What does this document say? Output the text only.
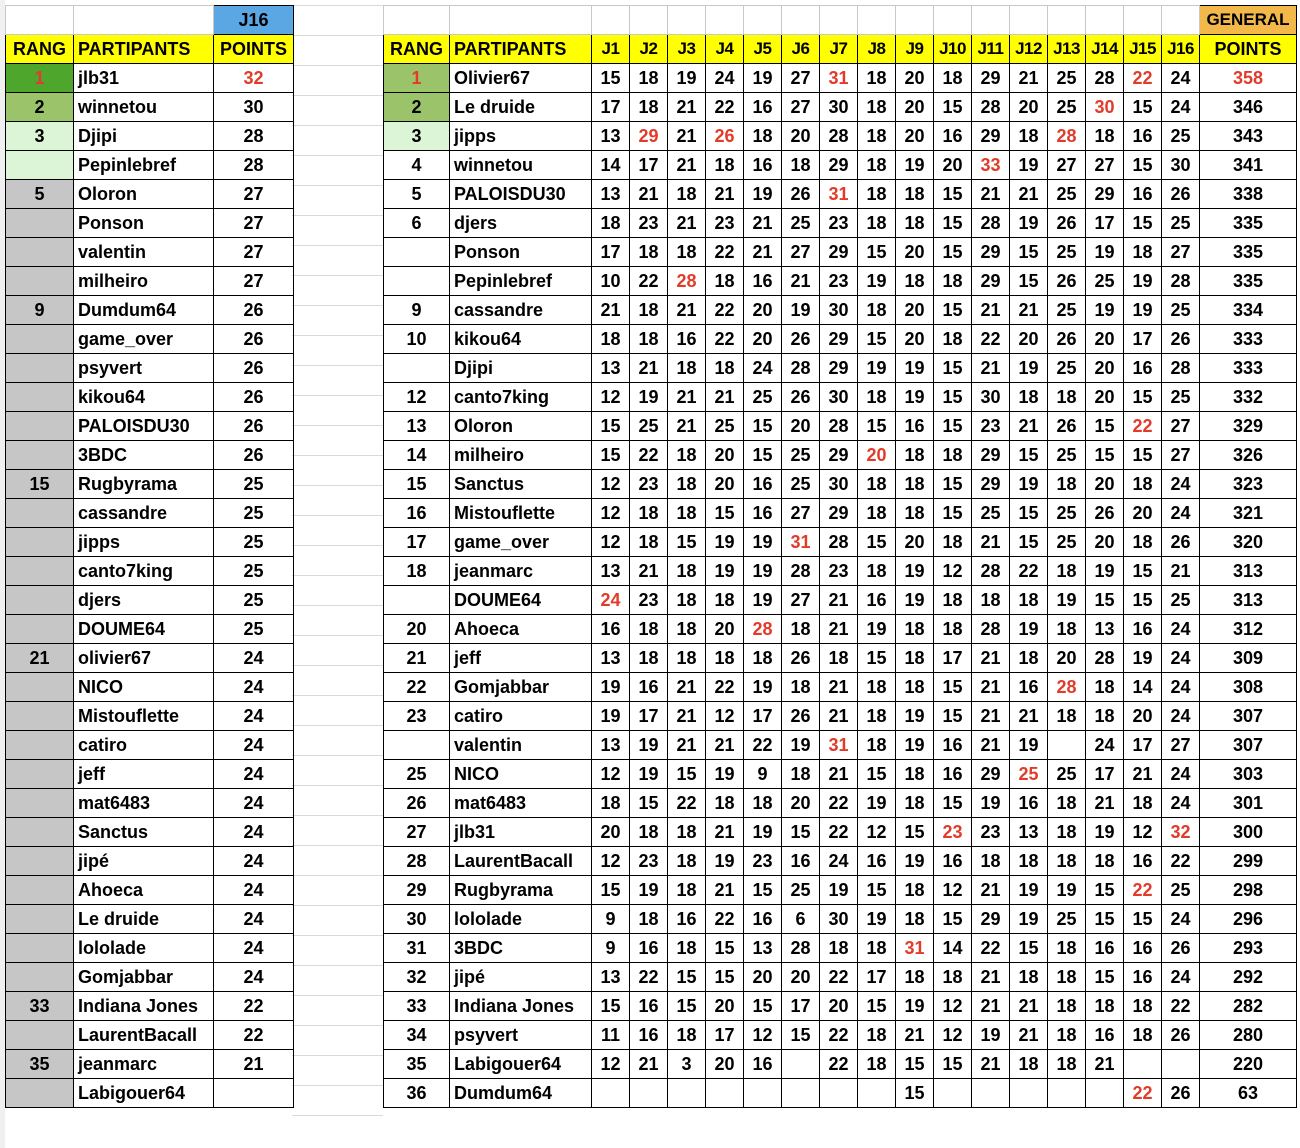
		J16
RANG	PARTIPANTS	POINTS
1	jlb31	32
2	winnetou	30
3	Djipi	28
	Pepinlebref	28
5	Oloron	27
	Ponson	27
	valentin	27
	milheiro	27
9	Dumdum64	26
	game_over	26
	psyvert	26
	kikou64	26
	PALOISDU30	26
	3BDC	26
15	Rugbyrama	25
	cassandre	25
	jipps	25
	canto7king	25
	djers	25
	DOUME64	25
21	olivier67	24
	NICO	24
	Mistouflette	24
	catiro	24
	jeff	24
	mat6483	24
	Sanctus	24
	jipé	24
	Ahoeca	24
	Le druide	24
	lololade	24
	Gomjabbar	24
33	Indiana Jones	22
	LaurentBacall	22
35	jeanmarc	21
	Labigouer64	
																		GENERAL
RANG	PARTIPANTS	J1	J2	J3	J4	J5	J6	J7	J8	J9	J10	J11	J12	J13	J14	J15	J16	POINTS
1	Olivier67	15	18	19	24	19	27	31	18	20	18	29	21	25	28	22	24	358
2	Le druide	17	18	21	22	16	27	30	18	20	15	28	20	25	30	15	24	346
3	jipps	13	29	21	26	18	20	28	18	20	16	29	18	28	18	16	25	343
4	winnetou	14	17	21	18	16	18	29	18	19	20	33	19	27	27	15	30	341
5	PALOISDU30	13	21	18	21	19	26	31	18	18	15	21	21	25	29	16	26	338
6	djers	18	23	21	23	21	25	23	18	18	15	28	19	26	17	15	25	335
	Ponson	17	18	18	22	21	27	29	15	20	15	29	15	25	19	18	27	335
	Pepinlebref	10	22	28	18	16	21	23	19	18	18	29	15	26	25	19	28	335
9	cassandre	21	18	21	22	20	19	30	18	20	15	21	21	25	19	19	25	334
10	kikou64	18	18	16	22	20	26	29	15	20	18	22	20	26	20	17	26	333
	Djipi	13	21	18	18	24	28	29	19	19	15	21	19	25	20	16	28	333
12	canto7king	12	19	21	21	25	26	30	18	19	15	30	18	18	20	15	25	332
13	Oloron	15	25	21	25	15	20	28	15	16	15	23	21	26	15	22	27	329
14	milheiro	15	22	18	20	15	25	29	20	18	18	29	15	25	15	15	27	326
15	Sanctus	12	23	18	20	16	25	30	18	18	15	29	19	18	20	18	24	323
16	Mistouflette	12	18	18	15	16	27	29	18	18	15	25	15	25	26	20	24	321
17	game_over	12	18	15	19	19	31	28	15	20	18	21	15	25	20	18	26	320
18	jeanmarc	13	21	18	19	19	28	23	18	19	12	28	22	18	19	15	21	313
	DOUME64	24	23	18	18	19	27	21	16	19	18	18	18	19	15	15	25	313
20	Ahoeca	16	18	18	20	28	18	21	19	18	18	28	19	18	13	16	24	312
21	jeff	13	18	18	18	18	26	18	15	18	17	21	18	20	28	19	24	309
22	Gomjabbar	19	16	21	22	19	18	21	18	18	15	21	16	28	18	14	24	308
23	catiro	19	17	21	12	17	26	21	18	19	15	21	21	18	18	20	24	307
	valentin	13	19	21	21	22	19	31	18	19	16	21	19		24	17	27	307
25	NICO	12	19	15	19	9	18	21	15	18	16	29	25	25	17	21	24	303
26	mat6483	18	15	22	18	18	20	22	19	18	15	19	16	18	21	18	24	301
27	jlb31	20	18	18	21	19	15	22	12	15	23	23	13	18	19	12	32	300
28	LaurentBacall	12	23	18	19	23	16	24	16	19	16	18	18	18	18	16	22	299
29	Rugbyrama	15	19	18	21	15	25	19	15	18	12	21	19	19	15	22	25	298
30	lololade	9	18	16	22	16	6	30	19	18	15	29	19	25	15	15	24	296
31	3BDC	9	16	18	15	13	28	18	18	31	14	22	15	18	16	16	26	293
32	jipé	13	22	15	15	20	20	22	17	18	18	21	18	18	15	16	24	292
33	Indiana Jones	15	16	15	20	15	17	20	15	19	12	21	21	18	18	18	22	282
34	psyvert	11	16	18	17	12	15	22	18	21	12	19	21	18	16	18	26	280
35	Labigouer64	12	21	3	20	16		22	18	15	15	21	18	18	21			220
36	Dumdum64									15						22	26	63
